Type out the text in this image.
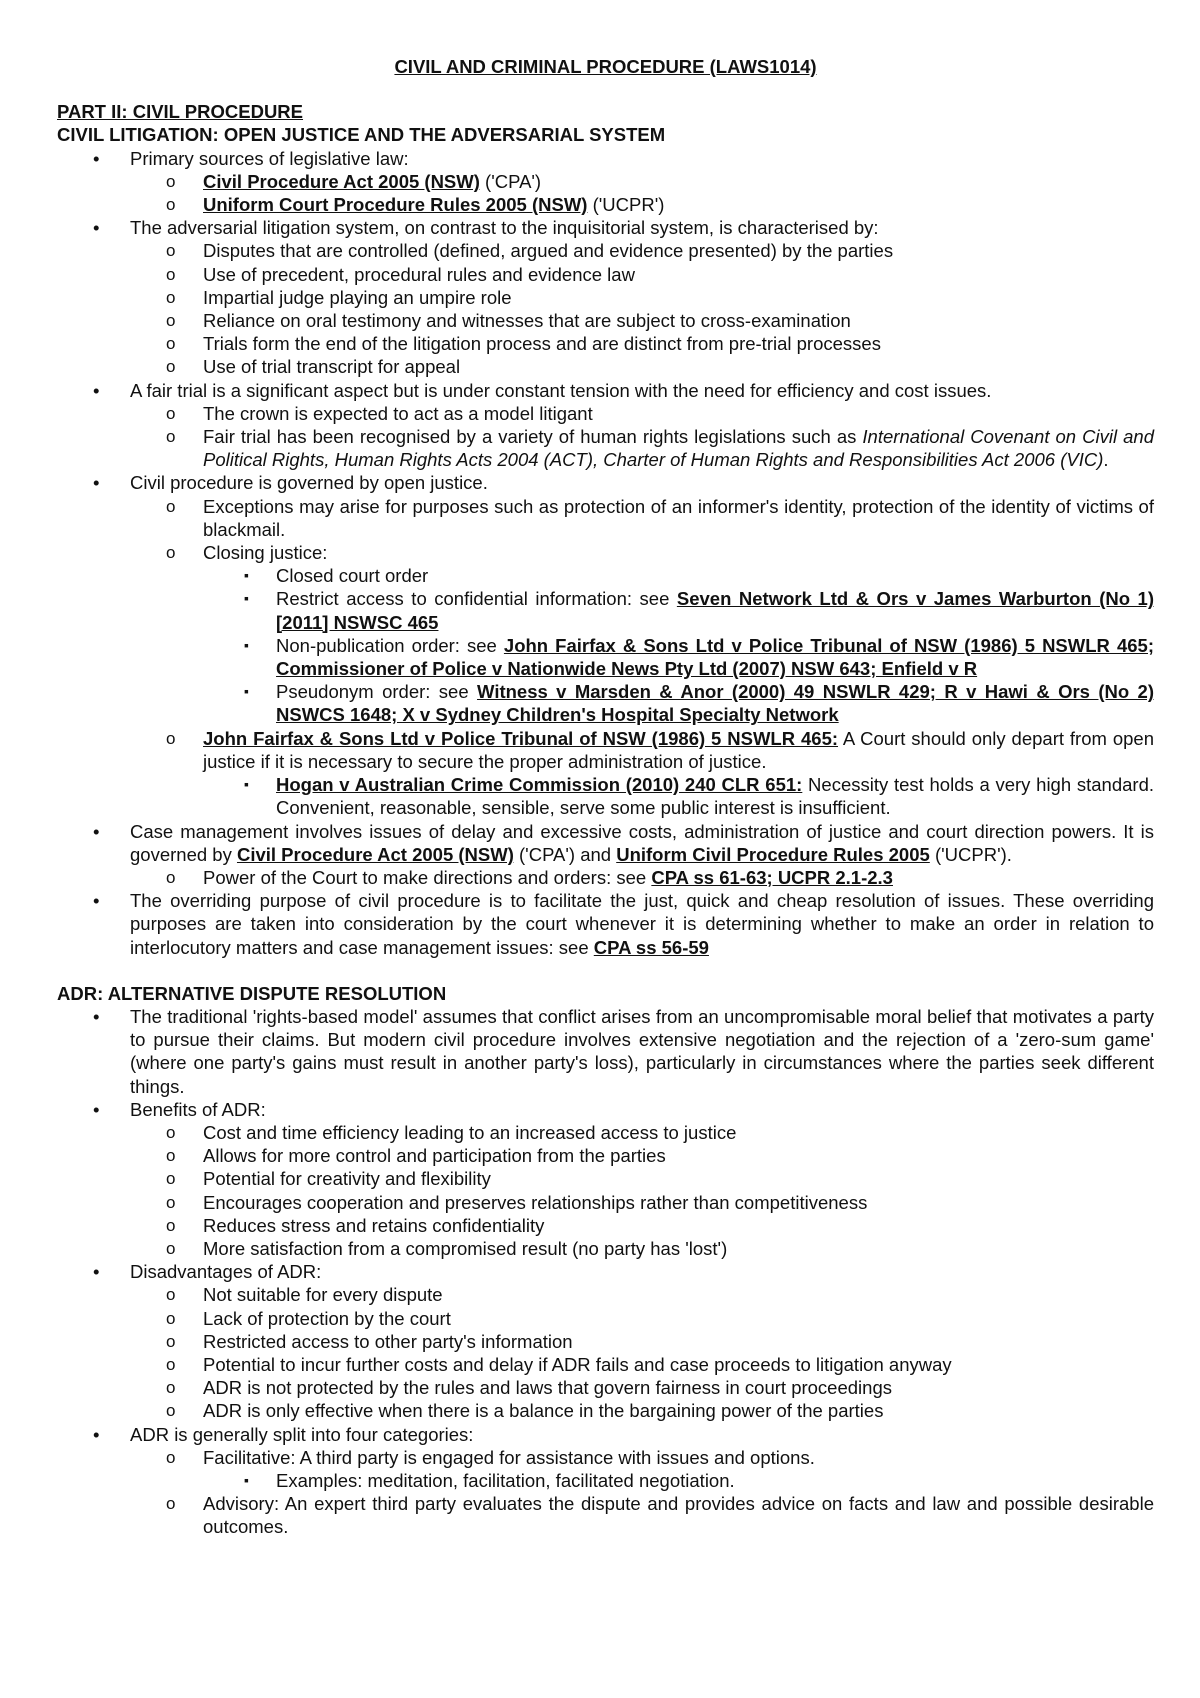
CIVIL AND CRIMINAL PROCEDURE (LAWS1014)

PART II: CIVIL PROCEDURE

CIVIL LITIGATION: OPEN JUSTICE AND THE ADVERSARIAL SYSTEM

• Primary sources of legislative law:
o Civil Procedure Act 2005 (NSW) ('CPA')
o Uniform Court Procedure Rules 2005 (NSW) ('UCPR')
• The adversarial litigation system, on contrast to the inquisitorial system, is characterised by:
o Disputes that are controlled (defined, argued and evidence presented) by the parties
o Use of precedent, procedural rules and evidence law
o Impartial judge playing an umpire role
o Reliance on oral testimony and witnesses that are subject to cross-examination
o Trials form the end of the litigation process and are distinct from pre-trial processes
o Use of trial transcript for appeal
• A fair trial is a significant aspect but is under constant tension with the need for efficiency and cost issues.
o The crown is expected to act as a model litigant
o Fair trial has been recognised by a variety of human rights legislations such as International Covenant on Civil and Political Rights, Human Rights Acts 2004 (ACT), Charter of Human Rights and Responsibilities Act 2006 (VIC).
• Civil procedure is governed by open justice.
o Exceptions may arise for purposes such as protection of an informer's identity, protection of the identity of victims of blackmail.
o Closing justice:
▪ Closed court order
▪ Restrict access to confidential information: see Seven Network Ltd & Ors v James Warburton (No 1) [2011] NSWSC 465
▪ Non-publication order: see John Fairfax & Sons Ltd v Police Tribunal of NSW (1986) 5 NSWLR 465; Commissioner of Police v Nationwide News Pty Ltd (2007) NSW 643; Enfield v R
▪ Pseudonym order: see Witness v Marsden & Anor (2000) 49 NSWLR 429; R v Hawi & Ors (No 2) NSWCS 1648; X v Sydney Children's Hospital Specialty Network
o John Fairfax & Sons Ltd v Police Tribunal of NSW (1986) 5 NSWLR 465: A Court should only depart from open justice if it is necessary to secure the proper administration of justice.
▪ Hogan v Australian Crime Commission (2010) 240 CLR 651: Necessity test holds a very high standard. Convenient, reasonable, sensible, serve some public interest is insufficient.
• Case management involves issues of delay and excessive costs, administration of justice and court direction powers. It is governed by Civil Procedure Act 2005 (NSW) ('CPA') and Uniform Civil Procedure Rules 2005 ('UCPR').
o Power of the Court to make directions and orders: see CPA ss 61-63; UCPR 2.1-2.3
• The overriding purpose of civil procedure is to facilitate the just, quick and cheap resolution of issues. These overriding purposes are taken into consideration by the court whenever it is determining whether to make an order in relation to interlocutory matters and case management issues: see CPA ss 56-59

ADR: ALTERNATIVE DISPUTE RESOLUTION

• The traditional 'rights-based model' assumes that conflict arises from an uncompromisable moral belief that motivates a party to pursue their claims. But modern civil procedure involves extensive negotiation and the rejection of a 'zero-sum game' (where one party's gains must result in another party's loss), particularly in circumstances where the parties seek different things.
• Benefits of ADR:
o Cost and time efficiency leading to an increased access to justice
o Allows for more control and participation from the parties
o Potential for creativity and flexibility
o Encourages cooperation and preserves relationships rather than competitiveness
o Reduces stress and retains confidentiality
o More satisfaction from a compromised result (no party has 'lost')
• Disadvantages of ADR:
o Not suitable for every dispute
o Lack of protection by the court
o Restricted access to other party's information
o Potential to incur further costs and delay if ADR fails and case proceeds to litigation anyway
o ADR is not protected by the rules and laws that govern fairness in court proceedings
o ADR is only effective when there is a balance in the bargaining power of the parties
• ADR is generally split into four categories:
o Facilitative: A third party is engaged for assistance with issues and options.
▪ Examples: meditation, facilitation, facilitated negotiation.
o Advisory: An expert third party evaluates the dispute and provides advice on facts and law and possible desirable outcomes.
